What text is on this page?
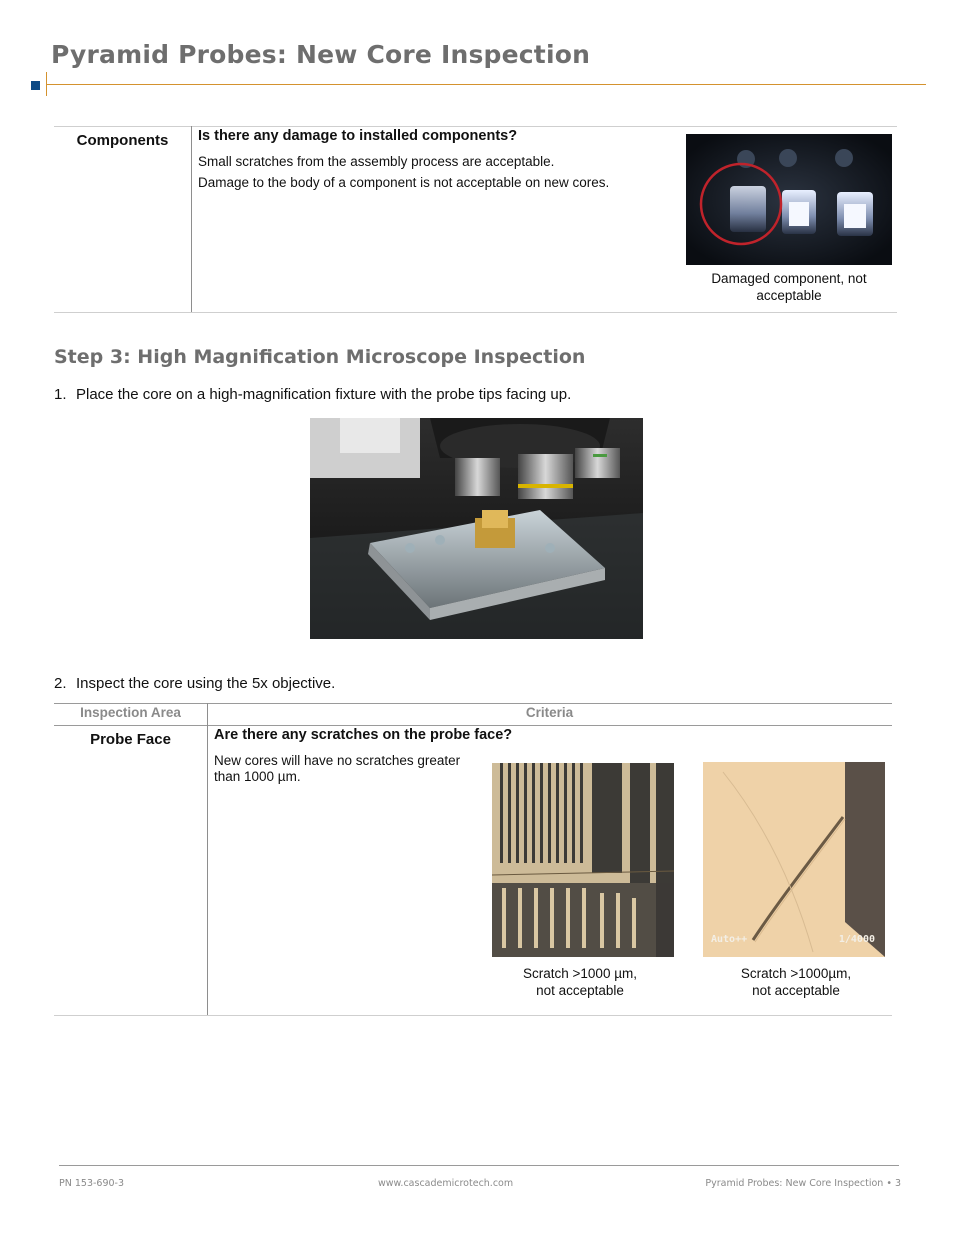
Pyramid Probes: New Core Inspection
Components	Is there any damage to installed components?
Small scratches from the assembly process are acceptable.
Damage to the body of a component is not acceptable on new cores.
Damaged component, not acceptable
Step 3: High Magnification Microscope Inspection
1. Place the core on a high-magnification fixture with the probe tips facing up.
2. Inspect the core using the 5x objective.
Inspection Area	Criteria
Probe Face	Are there any scratches on the probe face?
New cores will have no scratches greater than 1000 µm.
Auto++	1/4000
Scratch >1000 µm,
not acceptable
Scratch >1000µm,
not acceptable
PN 153-690-3	www.cascademicrotech.com	Pyramid Probes: New Core Inspection • 3
